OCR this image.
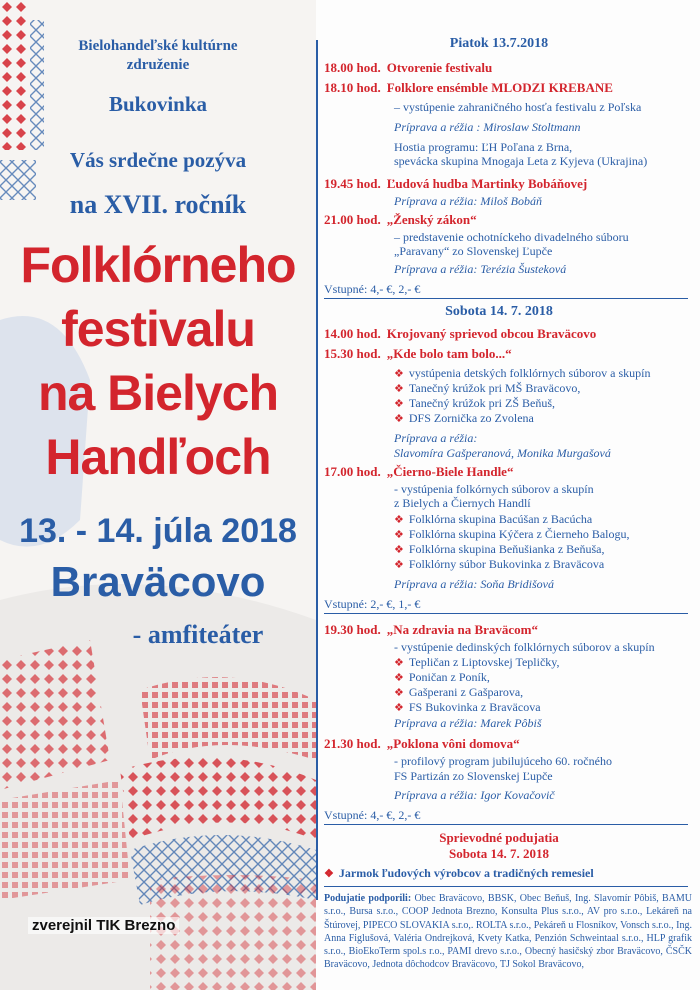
Bielohandeľské kultúrne
združenie
Bukovinka
Vás srdečne pozýva
na XVII. ročník
Folklórneho
festivalu
na Bielych
Handľoch
13. - 14. júla 2018
Braväcovo
- amfiteáter
zverejnil TIK Brezno
Piatok 13.7.2018
18.00 hod. Otvorenie festivalu
18.10 hod. Folklore ensémble MLODZI KREBANE
– vystúpenie zahraničného hosťa festivalu z Poľska
Príprava a réžia : Miroslaw Stoltmann
Hostia programu: ĽH Poľana z Brna,
spevácka skupina Mnogaja Leta z Kyjeva (Ukrajina)
19.45 hod. Ľudová hudba Martinky Bobáňovej
Príprava a réžia: Miloš Bobáň
21.00 hod. „Ženský zákon“
– predstavenie ochotníckeho divadelného súboru
„Paravany“ zo Slovenskej Ľupče
Príprava a réžia: Terézia Šusteková
Vstupné: 4,- €, 2,- €
Sobota 14. 7. 2018
14.00 hod. Krojovaný sprievod obcou Braväcovo
15.30 hod. „Kde bolo tam bolo...“
❖ vystúpenia detských folklórnych súborov a skupín
❖ Tanečný krúžok pri MŠ Braväcovo,
❖ Tanečný krúžok pri ZŠ Beňuš,
❖ DFS Zornička zo Zvolena
Príprava a réžia:
Slavomíra Gašperanová, Monika Murgašová
17.00 hod. „Čierno-Biele Handle“
- vystúpenia folkórnych súborov a skupín
z Bielych a Čiernych Handlí
❖ Folklórna skupina Bacúšan z Bacúcha
❖ Folklórna skupina Kýčera z Čierneho Balogu,
❖ Folklórna skupina Beňušianka z Beňuša,
❖ Folklórny súbor Bukovinka z Braväcova
Príprava a réžia: Soňa Bridišová
Vstupné: 2,- €, 1,- €
19.30 hod. „Na zdravia na Braväcom“
- vystúpenie dedinských folklórnych súborov a skupín
❖ Tepličan z Liptovskej Tepličky,
❖ Poničan z Poník,
❖ Gašperani z Gašparova,
❖ FS Bukovinka z Braväcova
Príprava a réžia: Marek Pôbiš
21.30 hod. „Poklona vôni domova“
- profilový program jubilujúceho 60. ročného
FS Partizán zo Slovenskej Ľupče
Príprava a réžia: Igor Kovačovič
Vstupné: 4,- €, 2,- €
Sprievodné podujatia
Sobota 14. 7. 2018
❖ Jarmok ľudových výrobcov a tradičných remesiel
Podujatie podporili: Obec Braväcovo, BBSK, Obec Beňuš, Ing. Slavomír Pôbiš, BAMU s.r.o., Bursa s.r.o., COOP Jednota Brezno, Konsulta Plus s.r.o., AV pro s.r.o., Lekáreň na Štúrovej, PIPECO SLOVAKIA s.r.o,. ROLTA s.r.o., Pekáreň u Flosníkov, Vonsch s.r.o., Ing. Anna Figlušová, Valéria Ondrejková, Kvety Katka, Penzión Schweintaal s.r.o., HLP grafik s.r.o., BioEkoTerm spol.s r.o., PAMI drevo s.r.o., Obecný hasičský zbor Braväcovo, ČSČK Braväcovo, Jednota dôchodcov Braväcovo, TJ Sokol Braväcovo,
